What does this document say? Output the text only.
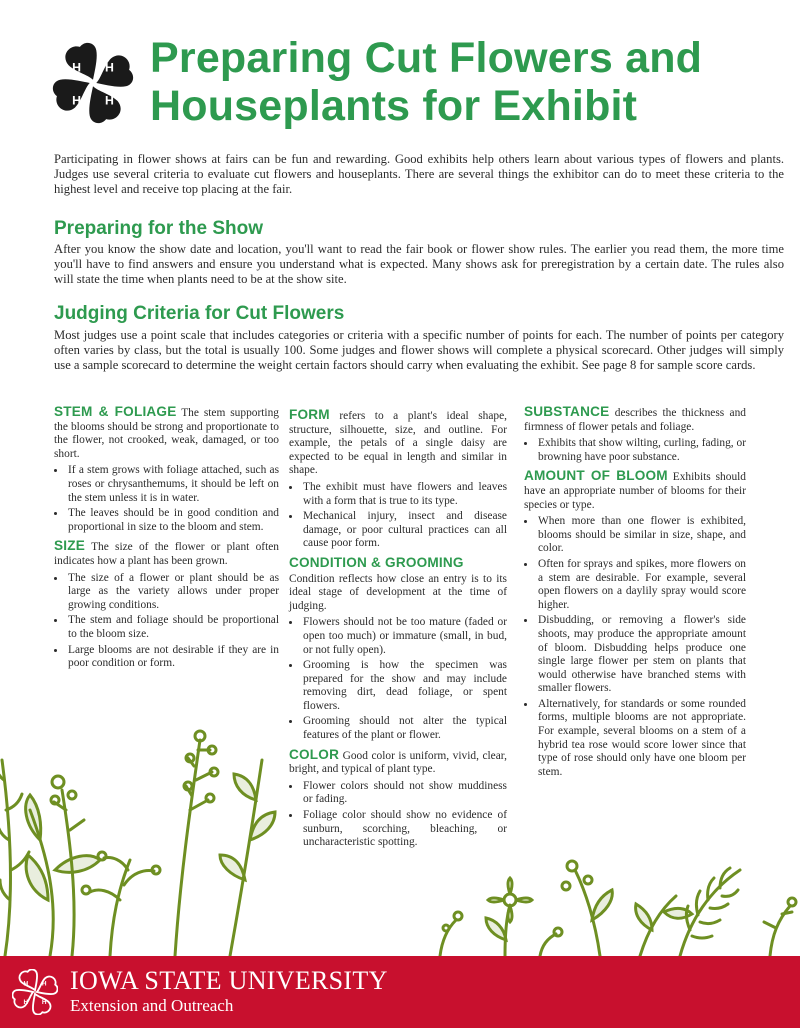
H H
H H
Preparing Cut Flowers and
Houseplants for Exhibit

Participating in flower shows at fairs can be fun and rewarding. Good exhibits help others learn about various types of flowers and plants. Judges use several criteria to evaluate cut flowers and houseplants. There are several things the exhibitor can do to meet these criteria to the highest level and receive top placing at the fair.

Preparing for the Show

After you know the show date and location, you'll want to read the fair book or flower show rules. The earlier you read them, the more time you'll have to find answers and ensure you understand what is expected. Many shows ask for preregistration by a certain date. The rules also will state the time when plants need to be at the show site.

Judging Criteria for Cut Flowers

Most judges use a point scale that includes categories or criteria with a specific number of points for each. The number of points per category often varies by class, but the total is usually 100. Some judges and flower shows will complete a physical scorecard. Other judges will simply use a sample scorecard to determine the weight certain factors should carry when evaluating the exhibit. See page 8 for sample score cards.

STEM & FOLIAGE The stem supporting the blooms should be strong and proportionate to the flower, not crooked, weak, damaged, or too short.

• If a stem grows with foliage attached, such as roses or chrysanthemums, it should be left on the stem unless it is in water.
• The leaves should be in good condition and proportional in size to the bloom and stem.

SIZE The size of the flower or plant often indicates how a plant has been grown.

• The size of a flower or plant should be as large as the variety allows under proper growing conditions.
• The stem and foliage should be proportional to the bloom size.
• Large blooms are not desirable if they are in poor condition or form.

FORM refers to a plant's ideal shape, structure, silhouette, size, and outline. For example, the petals of a single daisy are expected to be equal in length and similar in shape.

• The exhibit must have flowers and leaves with a form that is true to its type.
• Mechanical injury, insect and disease damage, or poor cultural practices can all cause poor form.

CONDITION & GROOMING

Condition reflects how close an entry is to its ideal stage of development at the time of judging.

• Flowers should not be too mature (faded or open too much) or immature (small, in bud, or not fully open).
• Grooming is how the specimen was prepared for the show and may include removing dirt, dead foliage, or spent flowers.
• Grooming should not alter the typical features of the plant or flower.

COLOR Good color is uniform, vivid, clear, bright, and typical of plant type.

• Flower colors should not show muddiness or fading.
• Foliage color should show no evidence of sunburn, scorching, bleaching, or uncharacteristic spotting.

SUBSTANCE describes the thickness and firmness of flower petals and foliage.

• Exhibits that show wilting, curling, fading, or browning have poor substance.

AMOUNT OF BLOOM Exhibits should have an appropriate number of blooms for their species or type.

• When more than one flower is exhibited, blooms should be similar in size, shape, and color.
• Often for sprays and spikes, more flowers on a stem are desirable. For example, several open flowers on a daylily spray would score higher.
• Disbudding, or removing a flower's side shoots, may produce the appropriate amount of bloom. Disbudding helps produce one single large flower per stem on plants that would otherwise have branched stems with smaller flowers.
• Alternatively, for standards or some rounded forms, multiple blooms are not appropriate. For example, several blooms on a stem of a hybrid tea rose would score lower since that type of rose should only have one bloom per stem.
H H
H H

IOWA STATE UNIVERSITY

Extension and Outreach
